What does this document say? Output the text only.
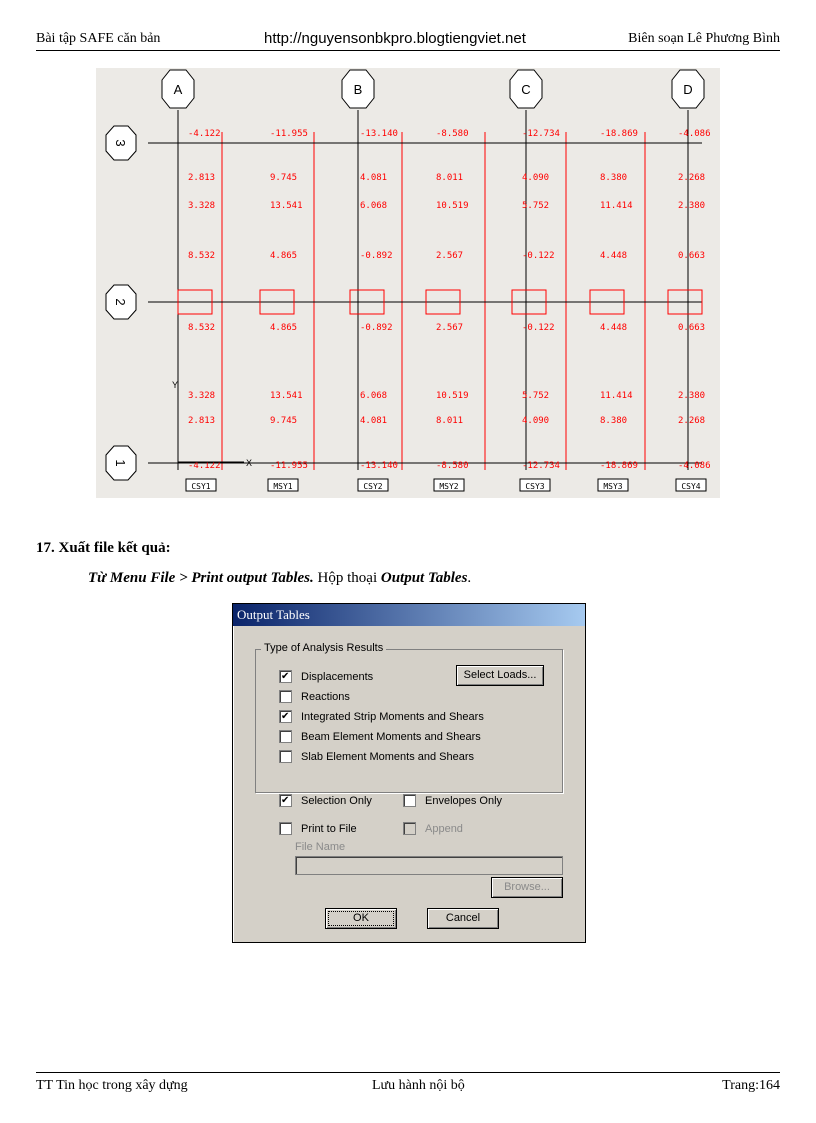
Bài tập SAFE căn bản	http://nguyensonbkpro.blogtiengviet.net	Biên soạn Lê Phương Bình
A	B	C	D
3
2
1
-4.122	-11.955	-13.140	-8.580	-12.734	-18.869	-4.086
2.813	9.745	4.081	8.011	4.090	8.380	2.268
3.328	13.541	6.068	10.519	5.752	11.414	2.380
8.532	4.865	-0.892	2.567	-0.122	4.448	0.663
8.532	4.865	-0.892	2.567	-0.122	4.448	0.663
3.328	13.541	6.068	10.519	5.752	11.414	2.380
2.813	9.745	4.081	8.011	4.090	8.380	2.268
-4.122	-11.955	-13.140	-8.580	-12.734	-18.869	-4.086
CSY1	MSY1	CSY2	MSY2	CSY3	MSY3	CSY4
Y
X
17. Xuất file kết quả:
Từ Menu File > Print output Tables. Hộp thoại Output Tables.
Output Tables
Type of Analysis Results
✔
Displacements
Reactions
✔
Integrated Strip Moments and Shears
Beam Element Moments and Shears
Slab Element Moments and Shears
Select Loads...
✔
Selection Only	Envelopes Only
Print to File	Append
File Name
Browse...
OK	Cancel
TT Tin học trong xây dựng	Lưu hành nội bộ	Trang:164
